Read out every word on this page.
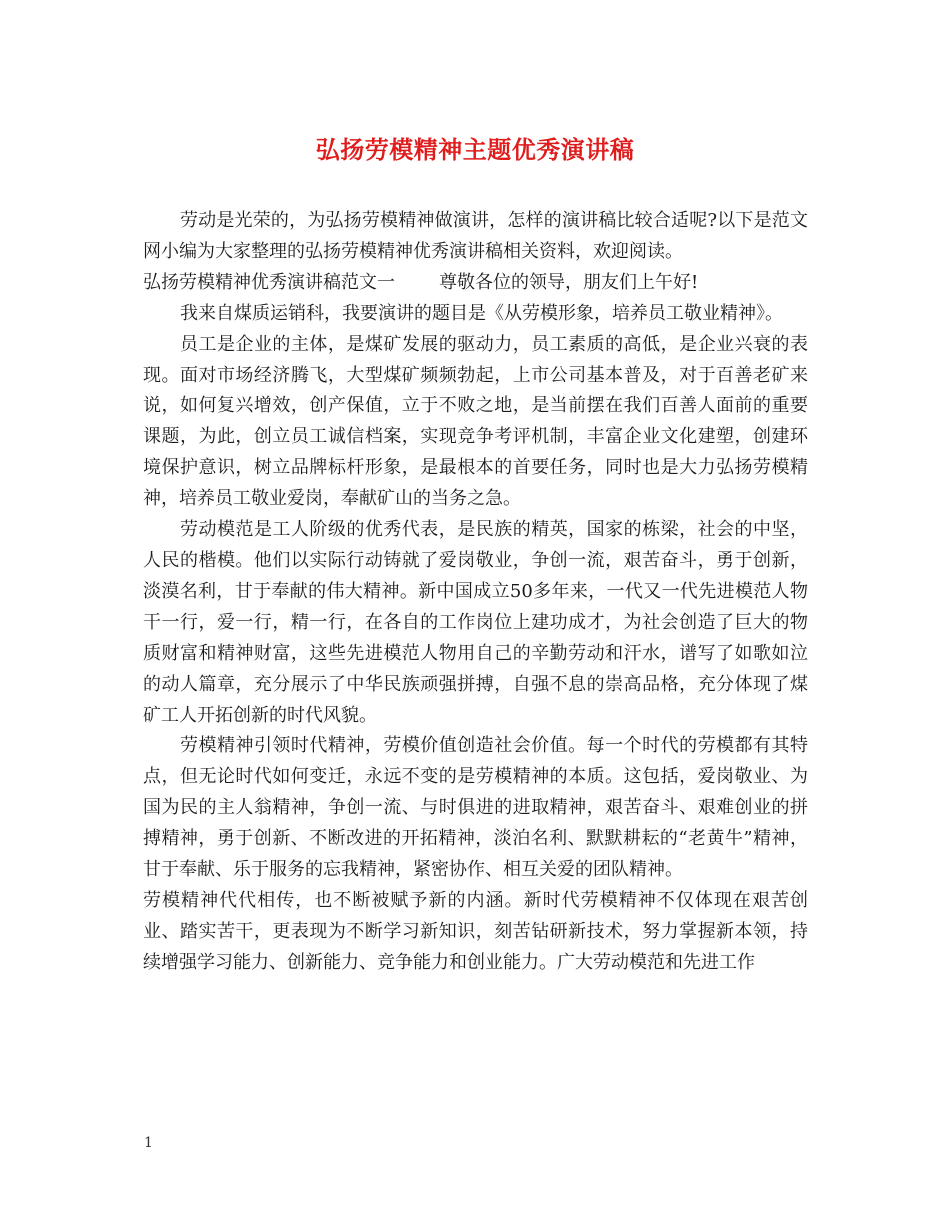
弘扬劳模精神主题优秀演讲稿

劳动是光荣的，为弘扬劳模精神做演讲，怎样的演讲稿比较合适呢?以下是范文网小编为大家整理的弘扬劳模精神优秀演讲稿相关资料，欢迎阅读。

弘扬劳模精神优秀演讲稿范文一 尊敬各位的领导，朋友们上午好!

我来自煤质运销科，我要演讲的题目是《从劳模形象，培养员工敬业精神》。

员工是企业的主体，是煤矿发展的驱动力，员工素质的高低，是企业兴衰的表现。面对市场经济腾飞，大型煤矿频频勃起，上市公司基本普及，对于百善老矿来说，如何复兴增效，创产保值，立于不败之地，是当前摆在我们百善人面前的重要课题，为此，创立员工诚信档案，实现竞争考评机制，丰富企业文化建塑，创建环境保护意识，树立品牌标杆形象，是最根本的首要任务，同时也是大力弘扬劳模精神，培养员工敬业爱岗，奉献矿山的当务之急。

劳动模范是工人阶级的优秀代表，是民族的精英，国家的栋梁，社会的中坚，人民的楷模。他们以实际行动铸就了爱岗敬业，争创一流，艰苦奋斗，勇于创新，淡漠名利，甘于奉献的伟大精神。新中国成立50多年来，一代又一代先进模范人物干一行，爱一行，精一行，在各自的工作岗位上建功成才，为社会创造了巨大的物质财富和精神财富，这些先进模范人物用自己的辛勤劳动和汗水，谱写了如歌如泣的动人篇章，充分展示了中华民族顽强拼搏，自强不息的崇高品格，充分体现了煤矿工人开拓创新的时代风貌。

劳模精神引领时代精神，劳模价值创造社会价值。每一个时代的劳模都有其特点，但无论时代如何变迁，永远不变的是劳模精神的本质。这包括，爱岗敬业、为国为民的主人翁精神，争创一流、与时俱进的进取精神，艰苦奋斗、艰难创业的拼搏精神，勇于创新、不断改进的开拓精神，淡泊名利、默默耕耘的“老黄牛”精神，甘于奉献、乐于服务的忘我精神，紧密协作、相互关爱的团队精神。

劳模精神代代相传，也不断被赋予新的内涵。新时代劳模精神不仅体现在艰苦创业、踏实苦干，更表现为不断学习新知识，刻苦钻研新技术，努力掌握新本领，持续增强学习能力、创新能力、竞争能力和创业能力。广大劳动模范和先进工作

1
